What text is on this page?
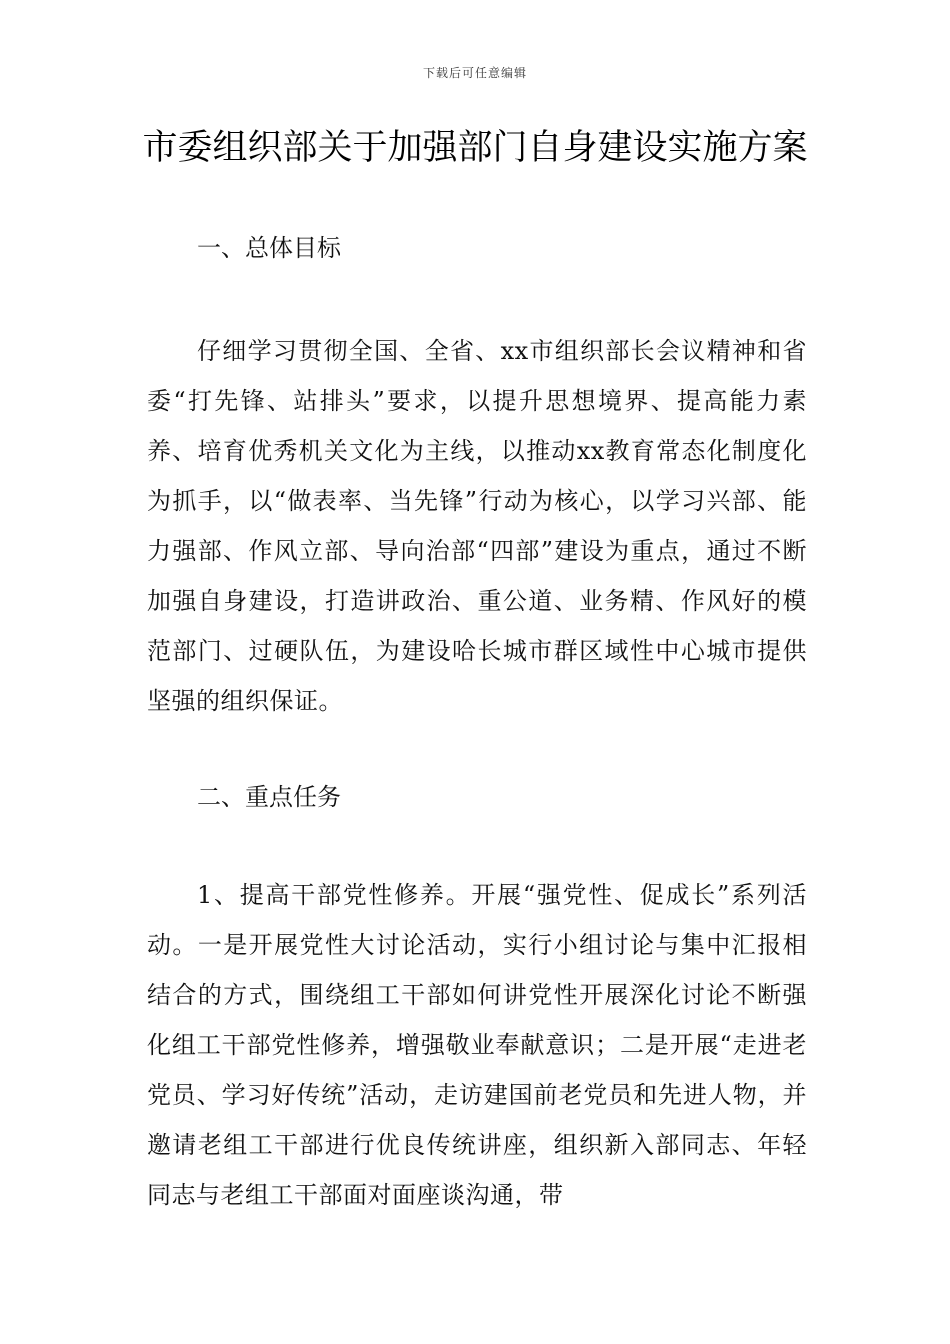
下载后可任意编辑
市委组织部关于加强部门自身建设实施方案
一、总体目标

仔细学习贯彻全国、全省、xx市组织部长会议精神和省委“打先锋、站排头”要求，以提升思想境界、提高能力素养、培育优秀机关文化为主线，以推动xx教育常态化制度化为抓手，以“做表率、当先锋”行动为核心，以学习兴部、能力强部、作风立部、导向治部“四部”建设为重点，通过不断加强自身建设，打造讲政治、重公道、业务精、作风好的模范部门、过硬队伍，为建设哈长城市群区域性中心城市提供坚强的组织保证。

二、重点任务

1、提高干部党性修养。开展“强党性、促成长”系列活动。一是开展党性大讨论活动，实行小组讨论与集中汇报相结合的方式，围绕组工干部如何讲党性开展深化讨论不断强化组工干部党性修养，增强敬业奉献意识；二是开展“走进老党员、学习好传统”活动，走访建国前老党员和先进人物，并邀请老组工干部进行优良传统讲座，组织新入部同志、年轻同志与老组工干部面对面座谈沟通，带
